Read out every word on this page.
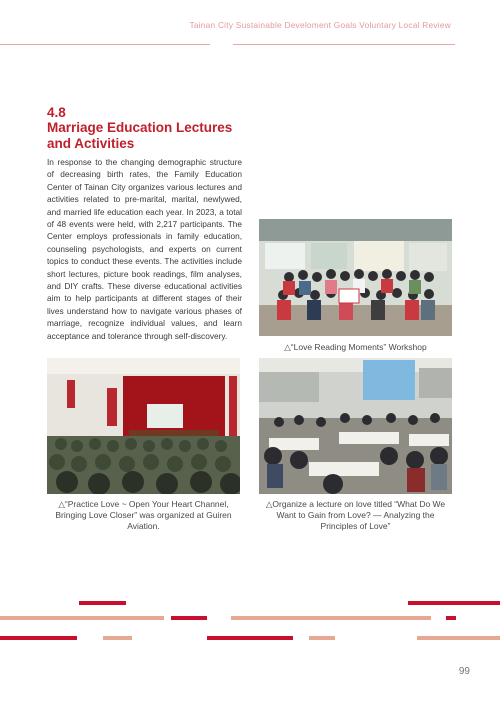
Tainan City Sustainable Develoment Goals Voluntary Local Review
4.8
Marriage Education Lectures and Activities

In response to the changing demographic structure of decreasing birth rates, the Family Education Center of Tainan City organizes various lectures and activities related to pre-marital, marital, newlywed, and married life education each year. In 2023, a total of 48 events were held, with 2,217 participants. The Center employs professionals in family education, counseling psychologists, and experts on current topics to conduct these events. The activities include short lectures, picture book readings, film analyses, and DIY crafts. These diverse educational activities aim to help participants at different stages of their lives understand how to navigate various phases of marriage, recognize individual values, and learn acceptance and tolerance through self-discovery.

△“Love Reading Moments” Workshop
△“Practice Love ~ Open Your Heart Channel, Bringing Love Closer” was organized at Guiren Aviation.
△Organize a lecture on love titled “What Do We Want to Gain from Love? — Analyzing the Principles of Love”
99
